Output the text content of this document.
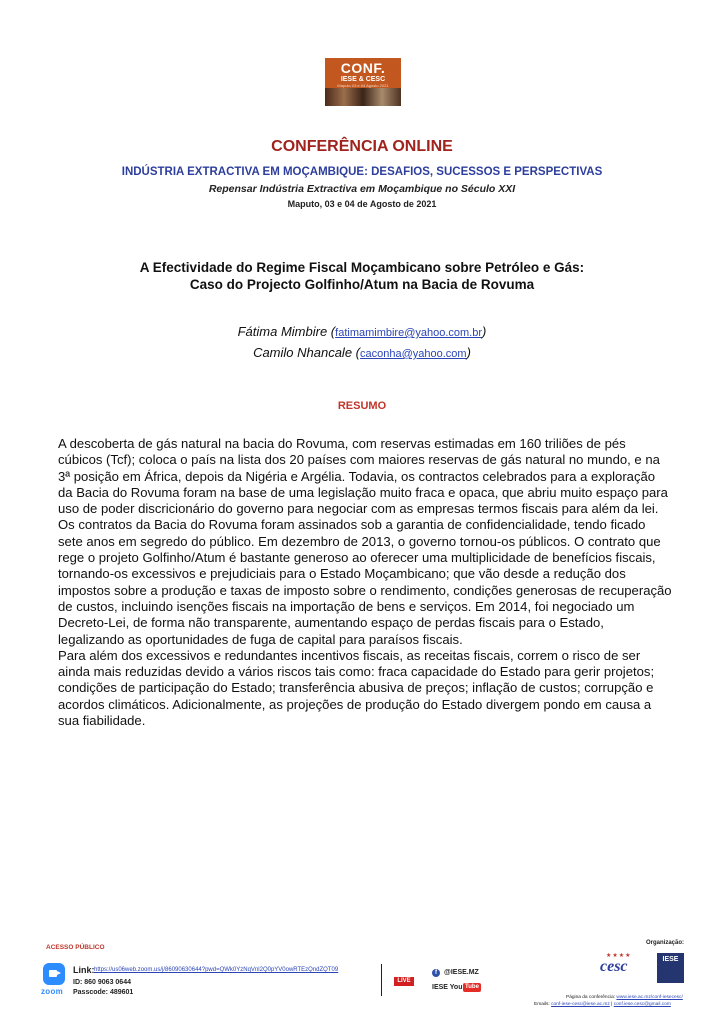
CONF.
IESE & CESC
Maputo 03 e 04 Agosto 2021
CONFERÊNCIA ONLINE
INDÚSTRIA EXTRACTIVA EM MOÇAMBIQUE: DESAFIOS, SUCESSOS E PERSPECTIVAS
Repensar Indústria Extractiva em Moçambique no Século XXI
Maputo, 03 e 04 de Agosto de 2021
A Efectividade do Regime Fiscal Moçambicano sobre Petróleo e Gás:
Caso do Projecto Golfinho/Atum na Bacia de Rovuma
Fátima Mimbire (fatimamimbire@yahoo.com.br)
Camilo Nhancale (caconha@yahoo.com)
RESUMO

A descoberta de gás natural na bacia do Rovuma, com reservas estimadas em 160 triliões de pés cúbicos (Tcf); coloca o país na lista dos 20 países com maiores reservas de gás natural no mundo, e na 3ª posição em África, depois da Nigéria e Argélia. Todavia, os contractos celebrados para a exploração da Bacia do Rovuma foram na base de uma legislação muito fraca e opaca, que abriu muito espaço para uso de poder discricionário do governo para negociar com as empresas termos fiscais para além da lei. Os contratos da Bacia do Rovuma foram assinados sob a garantia de confidencialidade, tendo ficado sete anos em segredo do público. Em dezembro de 2013, o governo tornou-os públicos. O contrato que rege o projeto Golfinho/Atum é bastante generoso ao oferecer uma multiplicidade de benefícios fiscais, tornando-os excessivos e prejudiciais para o Estado Moçambicano; que vão desde a redução dos impostos sobre a produção e taxas de imposto sobre o rendimento, condições generosas de recuperação de custos, incluindo isenções fiscais na importação de bens e serviços. Em 2014, foi negociado um Decreto-Lei, de forma não transparente, aumentando espaço de perdas fiscais para o Estado, legalizando as oportunidades de fuga de capital para paraísos fiscais.

Para além dos excessivos e redundantes incentivos fiscais, as receitas fiscais, correm o risco de ser ainda mais reduzidas devido a vários riscos tais como: fraca capacidade do Estado para gerir projetos; condições de participação do Estado; transferência abusiva de preços; inflação de custos; corrupção e acordos climáticos. Adicionalmente, as projeções de produção do Estado divergem pondo em causa a sua fiabilidade.

ACESSO PÚBLICO
zoom
Link: https://us06web.zoom.us/j/86090630644?pwd=QWk0YzNqVnl2Q0pYV0owRTEzQndZQT09
ID: 860 9063 0644
Passcode: 489601
LIVE
f	@IESE.MZ
IESE You Tube
Organização:
★★★★
cesc	IESE
Página da conferência: www.iese.ac.mz/conf-iesecesc/
Emails: conf-iese-cesc@iese.ac.mz | conf.iese.cesc@gmail.com
